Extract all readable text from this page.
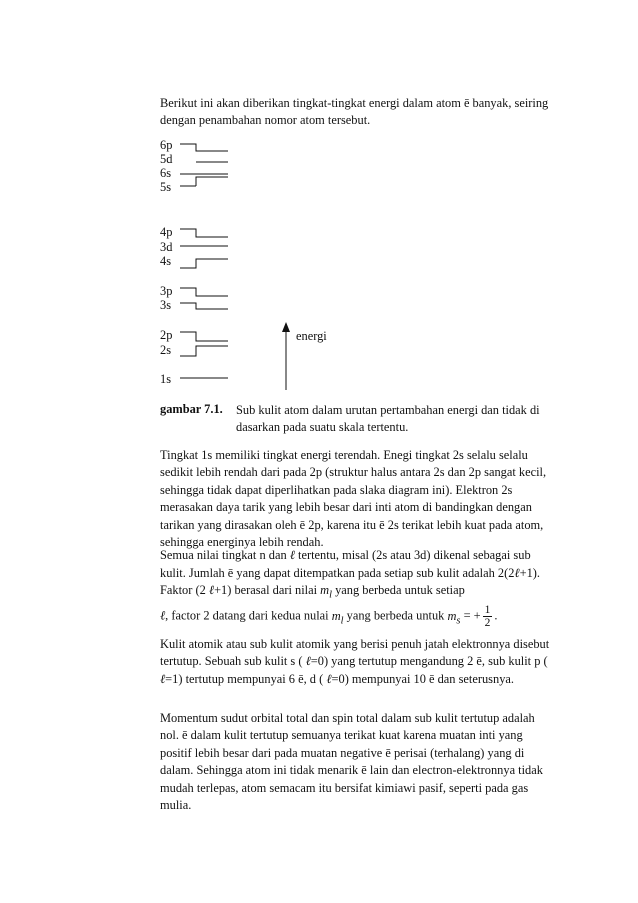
Berikut ini akan diberikan tingkat-tingkat energi dalam atom ē banyak, seiring dengan penambahan nomor atom tersebut.

6p
5d
6s
5s
4p
3d
4s
3p
3s
2p
2s
1s
energi
gambar 7.1. Sub kulit atom dalam urutan pertambahan energi dan tidak di dasarkan pada suatu skala tertentu.

Tingkat 1s memiliki tingkat energi terendah. Enegi tingkat 2s selalu selalu sedikit lebih rendah dari pada 2p (struktur halus antara 2s dan 2p sangat kecil, sehingga tidak dapat diperlihatkan pada slaka diagram ini). Elektron 2s merasakan daya tarik yang lebih besar dari inti atom di bandingkan dengan tarikan yang dirasakan oleh ē 2p, karena itu ē 2s terikat lebih kuat pada atom, sehingga energinya lebih rendah.

Semua nilai tingkat n dan ℓ tertentu, misal (2s atau 3d) dikenal sebagai sub kulit. Jumlah ē yang dapat ditempatkan pada setiap sub kulit adalah 2(2ℓ+1). Faktor (2 ℓ+1) berasal dari nilai $m_l$ yang berbeda untuk setiap
ℓ, factor 2 datang dari kedua nulai $m_l$ yang berbeda untuk $m_s$ = + $\frac{1}{2}$ .

Kulit atomik atau sub kulit atomik yang berisi penuh jatah elektronnya disebut tertutup. Sebuah sub kulit s ( ℓ=0) yang tertutup mengandung 2 ē, sub kulit p ( ℓ=1) tertutup mempunyai 6 ē, d ( ℓ=0) mempunyai 10 ē dan seterusnya.

Momentum sudut orbital total dan spin total dalam sub kulit tertutup adalah nol. ē dalam kulit tertutup semuanya terikat kuat karena muatan inti yang positif lebih besar dari pada muatan negative ē perisai (terhalang) yang di dalam. Sehingga atom ini tidak menarik ē lain dan electron-elektronnya tidak mudah terlepas, atom semacam itu bersifat kimiawi pasif, seperti pada gas mulia.
